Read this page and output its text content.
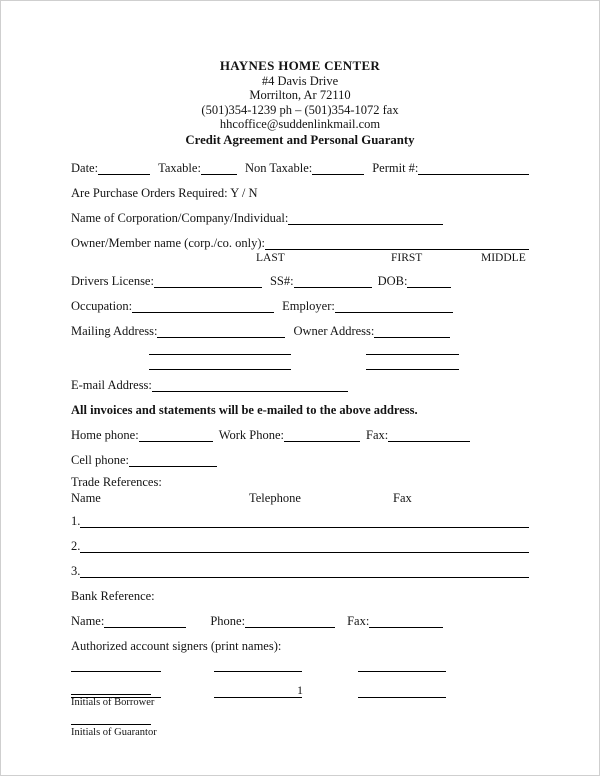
HAYNES HOME CENTER
#4 Davis Drive
Morrilton, Ar 72110
(501)354-1239 ph – (501)354-1072 fax
hhcoffice@suddenlinkmail.com
Credit Agreement and Personal Guaranty
Date:	Taxable:	Non Taxable:	Permit #:
Are Purchase Orders Required: Y / N
Name of Corporation/Company/Individual:
Owner/Member name (corp./co. only):
LAST	FIRST	MIDDLE
Drivers License:	SS#:	DOB:
Occupation:	Employer:
Mailing Address:	Owner Address:
E-mail Address:
All invoices and statements will be e-mailed to the above address.
Home phone:	Work Phone:	Fax:
Cell phone:
Trade References:
Name	Telephone	Fax
1.
2.
3.
Bank Reference:
Name:	Phone:	Fax:
Authorized account signers (print names):
1
Initials of Borrower
Initials of Guarantor
